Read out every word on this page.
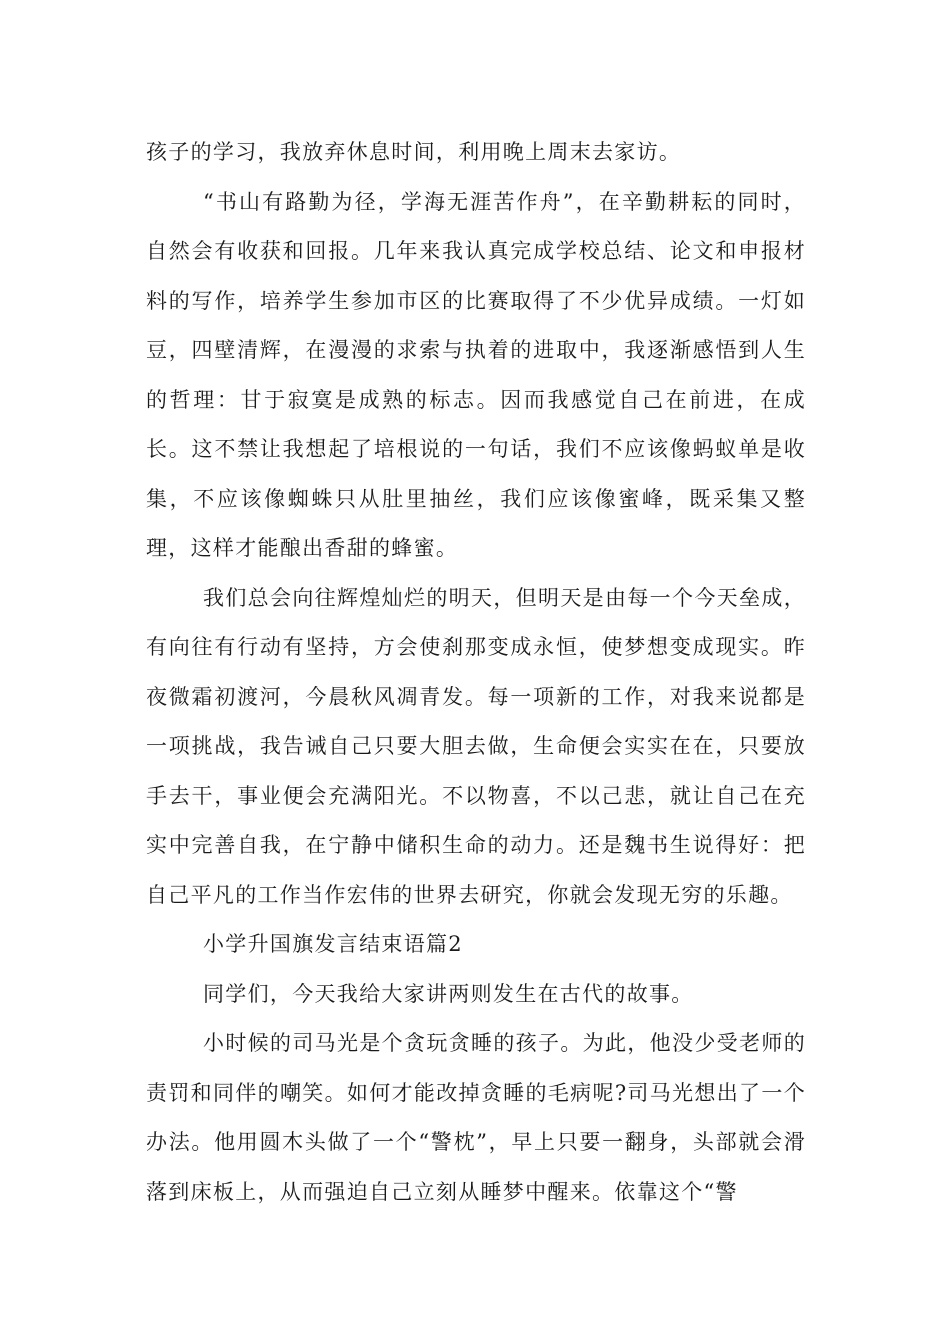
孩子的学习，我放弃休息时间，利用晚上周末去家访。

“书山有路勤为径，学海无涯苦作舟”，在辛勤耕耘的同时，自然会有收获和回报。几年来我认真完成学校总结、论文和申报材料的写作，培养学生参加市区的比赛取得了不少优异成绩。一灯如豆，四壁清辉，在漫漫的求索与执着的进取中，我逐渐感悟到人生的哲理：甘于寂寞是成熟的标志。因而我感觉自己在前进，在成长。这不禁让我想起了培根说的一句话，我们不应该像蚂蚁单是收集，不应该像蜘蛛只从肚里抽丝，我们应该像蜜峰，既采集又整理，这样才能酿出香甜的蜂蜜。

我们总会向往辉煌灿烂的明天，但明天是由每一个今天垒成，有向往有行动有坚持，方会使刹那变成永恒，使梦想变成现实。昨夜微霜初渡河，今晨秋风凋青发。每一项新的工作，对我来说都是一项挑战，我告诫自己只要大胆去做，生命便会实实在在，只要放手去干，事业便会充满阳光。不以物喜，不以己悲，就让自己在充实中完善自我，在宁静中储积生命的动力。还是魏书生说得好：把自己平凡的工作当作宏伟的世界去研究，你就会发现无穷的乐趣。

小学升国旗发言结束语篇2

同学们，今天我给大家讲两则发生在古代的故事。

小时候的司马光是个贪玩贪睡的孩子。为此，他没少受老师的责罚和同伴的嘲笑。如何才能改掉贪睡的毛病呢?司马光想出了一个办法。他用圆木头做了一个“警枕”，早上只要一翻身，头部就会滑落到床板上，从而强迫自己立刻从睡梦中醒来。依靠这个“警
